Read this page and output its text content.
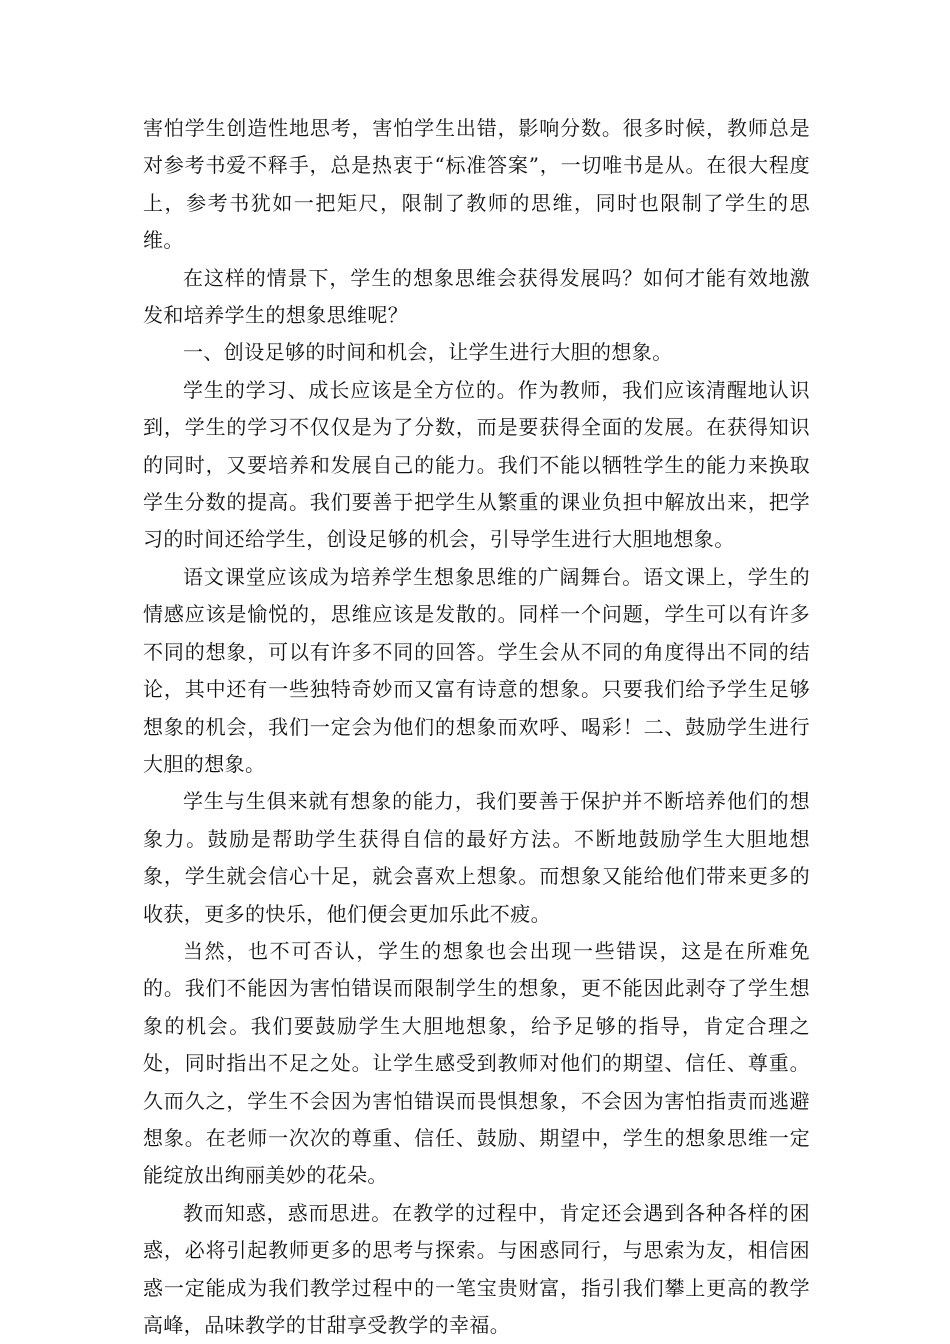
害怕学生创造性地思考，害怕学生出错，影响分数。很多时候，教师总是对参考书爱不释手，总是热衷于“标准答案”，一切唯书是从。在很大程度上，参考书犹如一把矩尺，限制了教师的思维，同时也限制了学生的思维。

在这样的情景下，学生的想象思维会获得发展吗？如何才能有效地激发和培养学生的想象思维呢？

一、创设足够的时间和机会，让学生进行大胆的想象。

学生的学习、成长应该是全方位的。作为教师，我们应该清醒地认识到，学生的学习不仅仅是为了分数，而是要获得全面的发展。在获得知识的同时，又要培养和发展自己的能力。我们不能以牺牲学生的能力来换取学生分数的提高。我们要善于把学生从繁重的课业负担中解放出来，把学习的时间还给学生，创设足够的机会，引导学生进行大胆地想象。

语文课堂应该成为培养学生想象思维的广阔舞台。语文课上，学生的情感应该是愉悦的，思维应该是发散的。同样一个问题，学生可以有许多不同的想象，可以有许多不同的回答。学生会从不同的角度得出不同的结论，其中还有一些独特奇妙而又富有诗意的想象。只要我们给予学生足够想象的机会，我们一定会为他们的想象而欢呼、喝彩！二、鼓励学生进行大胆的想象。

学生与生俱来就有想象的能力，我们要善于保护并不断培养他们的想象力。鼓励是帮助学生获得自信的最好方法。不断地鼓励学生大胆地想象，学生就会信心十足，就会喜欢上想象。而想象又能给他们带来更多的收获，更多的快乐，他们便会更加乐此不疲。

当然，也不可否认，学生的想象也会出现一些错误，这是在所难免的。我们不能因为害怕错误而限制学生的想象，更不能因此剥夺了学生想象的机会。我们要鼓励学生大胆地想象，给予足够的指导，肯定合理之处，同时指出不足之处。让学生感受到教师对他们的期望、信任、尊重。久而久之，学生不会因为害怕错误而畏惧想象，不会因为害怕指责而逃避想象。在老师一次次的尊重、信任、鼓励、期望中，学生的想象思维一定能绽放出绚丽美妙的花朵。

教而知惑，惑而思进。在教学的过程中，肯定还会遇到各种各样的困惑，必将引起教师更多的思考与探索。与困惑同行，与思索为友，相信困惑一定能成为我们教学过程中的一笔宝贵财富，指引我们攀上更高的教学高峰，品味教学的甘甜享受教学的幸福。
